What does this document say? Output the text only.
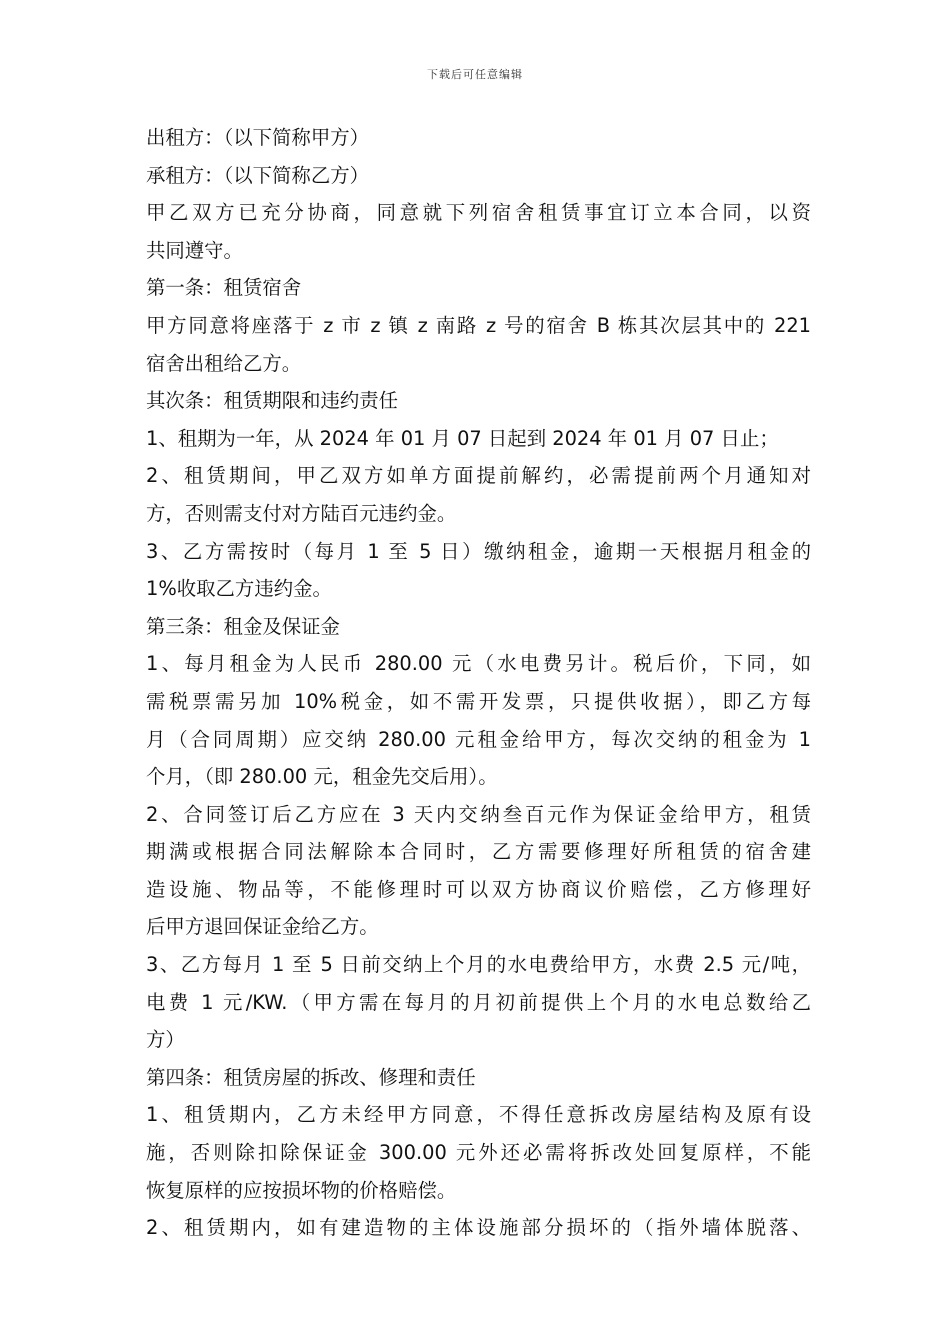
下载后可任意编辑
出租方：（以下简称甲方）
承租方：（以下简称乙方）
甲乙双方已充分协商，同意就下列宿舍租赁事宜订立本合同，以资
共同遵守。
第一条：租赁宿舍
甲方同意将座落于 z 市 z 镇 z 南路 z 号的宿舍 B 栋其次层其中的 221
宿舍出租给乙方。
其次条：租赁期限和违约责任
1、租期为一年，从 2024 年 01 月 07 日起到 2024 年 01 月 07 日止；
2、租赁期间，甲乙双方如单方面提前解约，必需提前两个月通知对
方，否则需支付对方陆百元违约金。
3、乙方需按时（每月 1 至 5 日）缴纳租金，逾期一天根据月租金的
1%收取乙方违约金。
第三条：租金及保证金
1、每月租金为人民币 280.00 元（水电费另计。税后价，下同，如
需税票需另加 10%税金，如不需开发票，只提供收据），即乙方每
月（合同周期）应交纳 280.00 元租金给甲方，每次交纳的租金为 1
个月，（即 280.00 元，租金先交后用）。
2、合同签订后乙方应在 3 天内交纳叁百元作为保证金给甲方，租赁
期满或根据合同法解除本合同时，乙方需要修理好所租赁的宿舍建
造设施、物品等，不能修理时可以双方协商议价赔偿，乙方修理好
后甲方退回保证金给乙方。
3、乙方每月 1 至 5 日前交纳上个月的水电费给甲方，水费 2.5 元/吨，
电费 1 元/KW.（甲方需在每月的月初前提供上个月的水电总数给乙
方）
第四条：租赁房屋的拆改、修理和责任
1、租赁期内，乙方未经甲方同意，不得任意拆改房屋结构及原有设
施，否则除扣除保证金 300.00 元外还必需将拆改处回复原样，不能
恢复原样的应按损坏物的价格赔偿。
2、租赁期内，如有建造物的主体设施部分损坏的（指外墙体脱落、
